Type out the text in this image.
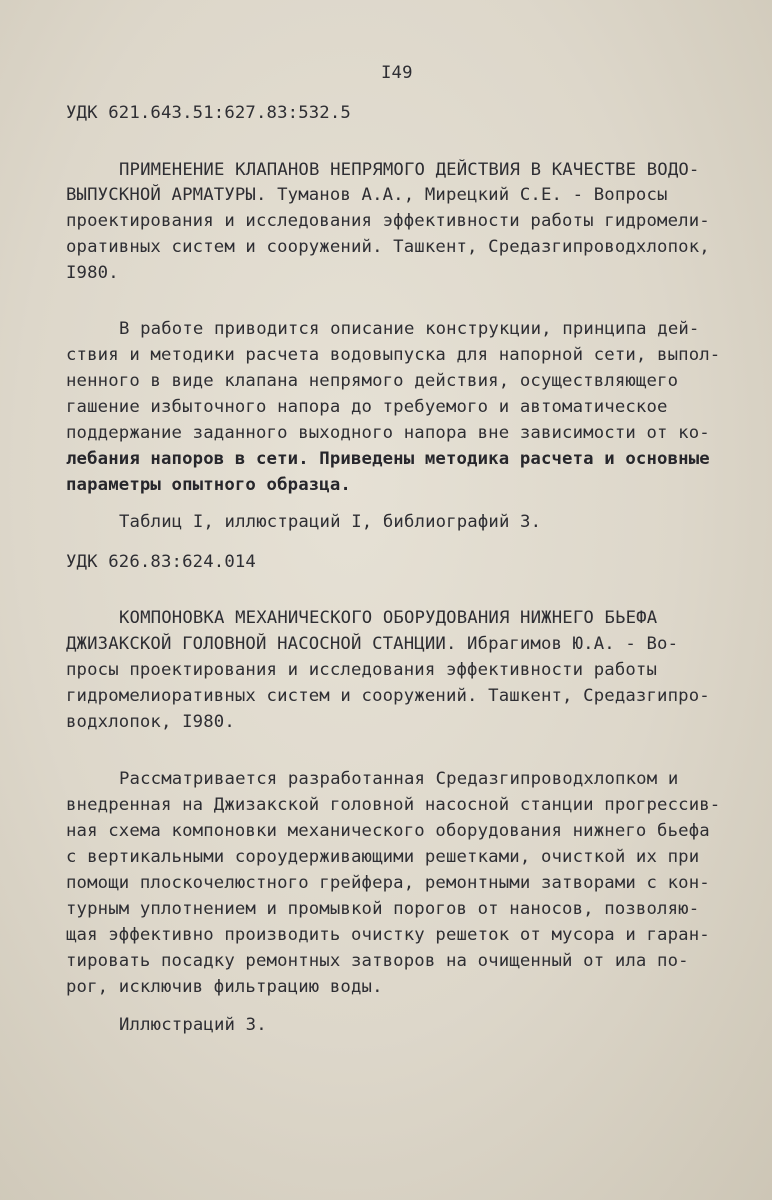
I49
УДК 621.643.51:627.83:532.5
ПРИМЕНЕНИЕ КЛАПАНОВ НЕПРЯМОГО ДЕЙСТВИЯ В КАЧЕСТВЕ ВОДО-
ВЫПУСКНОЙ АРМАТУРЫ. Туманов А.А., Мирецкий С.Е. - Вопросы
проектирования и исследования эффективности работы гидромели-
оративных систем и сооружений. Ташкент, Средазгипроводхлопок,
I980.
В работе приводится описание конструкции, принципа дей-
ствия и методики расчета водовыпуска для напорной сети, выпол-
ненного в виде клапана непрямого действия, осуществляющего
гашение избыточного напора до требуемого и автоматическое
поддержание заданного выходного напора вне зависимости от ко-
лебания напоров в сети. Приведены методика расчета и основные
параметры опытного образца.
Таблиц I, иллюстраций I, библиографий 3.
УДК 626.83:624.014
КОМПОНОВКА МЕХАНИЧЕСКОГО ОБОРУДОВАНИЯ НИЖНЕГО БЬЕФА
ДЖИЗАКСКОЙ ГОЛОВНОЙ НАСОСНОЙ СТАНЦИИ. Ибрагимов Ю.А. - Во-
просы проектирования и исследования эффективности работы
гидромелиоративных систем и сооружений. Ташкент, Средазгипро-
водхлопок, I980.
Рассматривается разработанная Средазгипроводхлопком и
внедренная на Джизакской головной насосной станции прогрессив-
ная схема компоновки механического оборудования нижнего бьефа
с вертикальными сороудерживающими решетками, очисткой их при
помощи плоскочелюстного грейфера, ремонтными затворами с кон-
турным уплотнением и промывкой порогов от наносов, позволяю-
щая эффективно производить очистку решеток от мусора и гаран-
тировать посадку ремонтных затворов на очищенный от ила по-
рог, исключив фильтрацию воды.
Иллюстраций 3.
